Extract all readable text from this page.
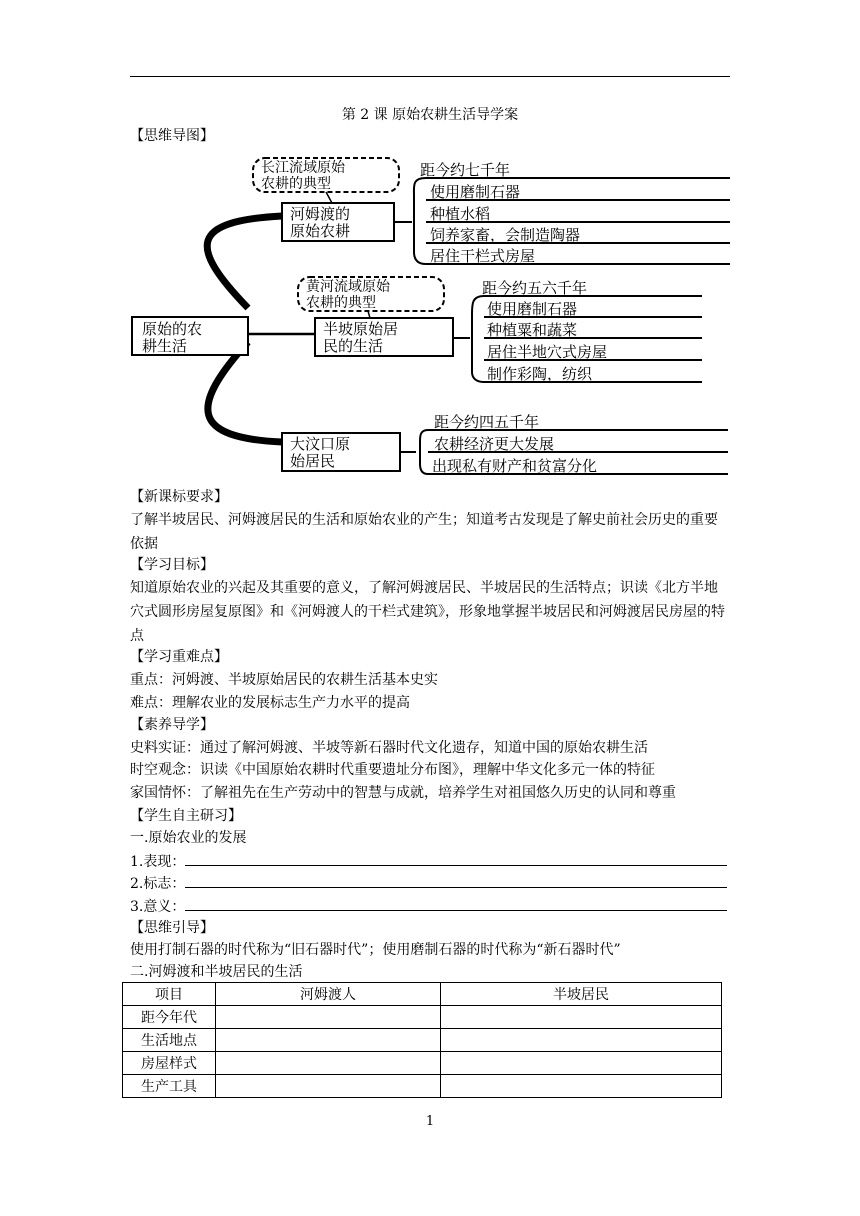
第 2 课 原始农耕生活导学案
【思维导图】
原始的农
耕生活
长江流域原始
农耕的典型
河姆渡的
原始农耕
距今约七千年
使用磨制石器
种植水稻
饲养家畜，会制造陶器
居住干栏式房屋
黄河流域原始
农耕的典型
半坡原始居
民的生活
距今约五六千年
使用磨制石器
种植粟和蔬菜
居住半地穴式房屋
制作彩陶，纺织
大汶口原
始居民
距今约四五千年
农耕经济更大发展
出现私有财产和贫富分化
【新课标要求】
了解半坡居民、河姆渡居民的生活和原始农业的产生；知道考古发现是了解史前社会历史的重要依据
【学习目标】
知道原始农业的兴起及其重要的意义，了解河姆渡居民、半坡居民的生活特点；识读《北方半地穴式圆形房屋复原图》和《河姆渡人的干栏式建筑》，形象地掌握半坡居民和河姆渡居民房屋的特点
【学习重难点】
重点：河姆渡、半坡原始居民的农耕生活基本史实
难点：理解农业的发展标志生产力水平的提高
【素养导学】
史料实证：通过了解河姆渡、半坡等新石器时代文化遗存，知道中国的原始农耕生活
时空观念：识读《中国原始农耕时代重要遗址分布图》，理解中华文化多元一体的特征
家国情怀：了解祖先在生产劳动中的智慧与成就，培养学生对祖国悠久历史的认同和尊重
【学生自主研习】
一.原始农业的发展
1.表现：
2.标志：
3.意义：
【思维引导】
使用打制石器的时代称为“旧石器时代”；使用磨制石器的时代称为“新石器时代”
二.河姆渡和半坡居民的生活
项目	河姆渡人	半坡居民
距今年代		
生活地点		
房屋样式		
生产工具		
1
